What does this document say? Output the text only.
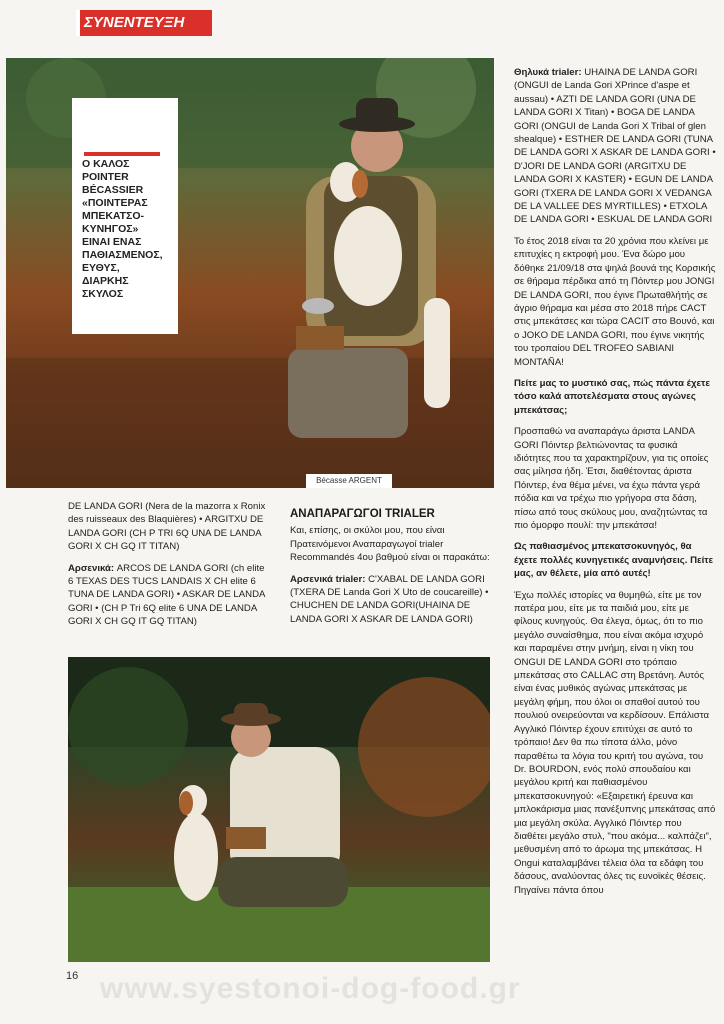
ΣΥΝΕΝΤΕΥΞΗ
Ο ΚΑΛΟΣ POINTER BÉCASSIER «ΠΟΙΝΤΕΡΑΣ ΜΠΕΚΑΤΣΟ-ΚΥΝΗΓΟΣ» ΕΙΝΑΙ ΕΝΑΣ ΠΑΘΙΑΣΜΕΝΟΣ, ΕΥΘΥΣ, ΔΙΑΡΚΗΣ ΣΚΥΛΟΣ
Bécasse ARGENT

Θηλυκά trialer: UHAINA DE LANDA GORI (ONGUI de Landa Gori XPrince d'aspe et aussau) • AZTI DE LANDA GORI (UNA DE LANDA GORI X Titan) • BOGA DE LANDA GORI (ONGUI de Landa Gori X Tribal of glen shealque) • ESTHER DE LANDA GORI (TUNA DE LANDA GORI X ASKAR DE LANDA GORI • D'JORI DE LANDA GORI (ARGITXU DE LANDA GORI X KASTER) • EGUN DE LANDA GORI (TXERA DE LANDA GORI X VEDANGA DE LA VALLEE DES MYRTILLES) • ETXOLA DE LANDA GORI • ESKUAL DE LANDA GORI

Το έτος 2018 είναι τα 20 χρόνια που κλείνει με επιτυχίες η εκτροφή μου. Ένα δώρο μου δόθηκε 21/09/18 στα ψηλά βουνά της Κορσικής σε θήραμα πέρδικα από τη Πόιντερ μου JONGI DE LANDA GORI, που έγινε Πρωταθλήτής σε άγριο θήραμα και μέσα στο 2018 πήρε CACT στις μπεκάτσες και τώρα CACIT στο Βουνό, και ο JOKO DE LANDA GORI, που έγινε νικητής του τροπαίου DEL TROFEO SABIANI MONTAÑA!

Πείτε μας το μυστικό σας, πώς πάντα έχετε τόσο καλά αποτελέσματα στους αγώνες μπεκάτσας;

Προσπαθώ να αναπαράγω άριστα LANDA GORI Πόιντερ βελτιώνοντας τα φυσικά ιδιότητες που τα χαρακτηρίζουν, για τις οποίες σας μίλησα ήδη. Έτσι, διαθέτοντας άριστα Πόιντερ, ένα θέμα μένει, να έχω πάντα γερά πόδια και να τρέχω πιο γρήγορα στα δάση, πίσω από τους σκύλους μου, αναζητώντας τα πιο όμορφο πουλί: την μπεκάτσα!

Ως παθιασμένος μπεκατσοκυνηγός, θα έχετε πολλές κυνηγετικές αναμνήσεις. Πείτε μας, αν θέλετε, μία από αυτές!

Έχω πολλές ιστορίες να θυμηθώ, είτε με τον πατέρα μου, είτε με τα παιδιά μου, είτε με φίλους κυνηγούς. Θα έλεγα, όμως, ότι το πιο μεγάλο συναίσθημα, που είναι ακόμα ισχυρό και παραμένει στην μνήμη, είναι η νίκη του ONGUI DE LANDA GORI στο τρόπαιο μπεκάτσας στο CALLAC στη Βρετάνη. Αυτός είναι ένας μυθικός αγώνας μπεκάτσας με μεγάλη φήμη, που όλοι οι σπαθοί αυτού του πουλιού ονειρεύονται να κερδίσουν. Επάλιστα Αγγλικό Πόιντερ έχουν επιτύχει σε αυτό το τρόπαιο! Δεν θα πω τίποτα άλλο, μόνο παραθέτω τα λόγια του κριτή του αγώνα, του Dr. BOURDON, ενός πολύ σπουδαίου και μεγάλου κριτή και παθιασμένου μπεκατσοκυνηγού: «Εξαιρετική έρευνα και μπλοκάρισμα μιας πανέξυπνης μπεκάτσας από μια μεγάλη σκύλα. Αγγλικό Πόιντερ που διαθέτει μεγάλο στυλ, "που ακόμα... καλπάζει", μεθυσμένη από το άρωμα της μπεκάτσας. Η Ongui καταλαμβάνει τέλεια όλα τα εδάφη του δάσους, αναλύοντας όλες τις ευνοϊκές θέσεις. Πηγαίνει πάντα όπου

DE LANDA GORI (Nera de la mazorra x Ronix des ruisseaux des Blaquières) • ARGITXU DE LANDA GORI (CH P TRI 6Q UNA DE LANDA GORI X CH GQ IT TITAN)

Αρσενικά: ARCOS DE LANDA GORI (ch elite 6 TEXAS DES TUCS LANDAIS X CH elite 6 TUNA DE LANDA GORI) • ASKAR DE LANDA GORI • (CH P Tri 6Q elite 6 UNA DE LANDA GORI X CH GQ IT GQ TITAN)

ΑΝΑΠΑΡΑΓΩΓΟΙ TRIALER

Και, επίσης, οι σκύλοι μου, που είναι Πρατεινόμενοι Αναπαραγωγοί trialer Recommandés 4ου βαθμού είναι οι παρακάτω:

Αρσενικά trialer: C'XABAL DE LANDA GORI (TXERA DE Landa Gori X Uto de coucareille) • CHUCHEN DE LANDA GORI(UHAINA DE LANDA GORI X ASKAR DE LANDA GORI)

16 www.syestonoi-dog-food.gr
